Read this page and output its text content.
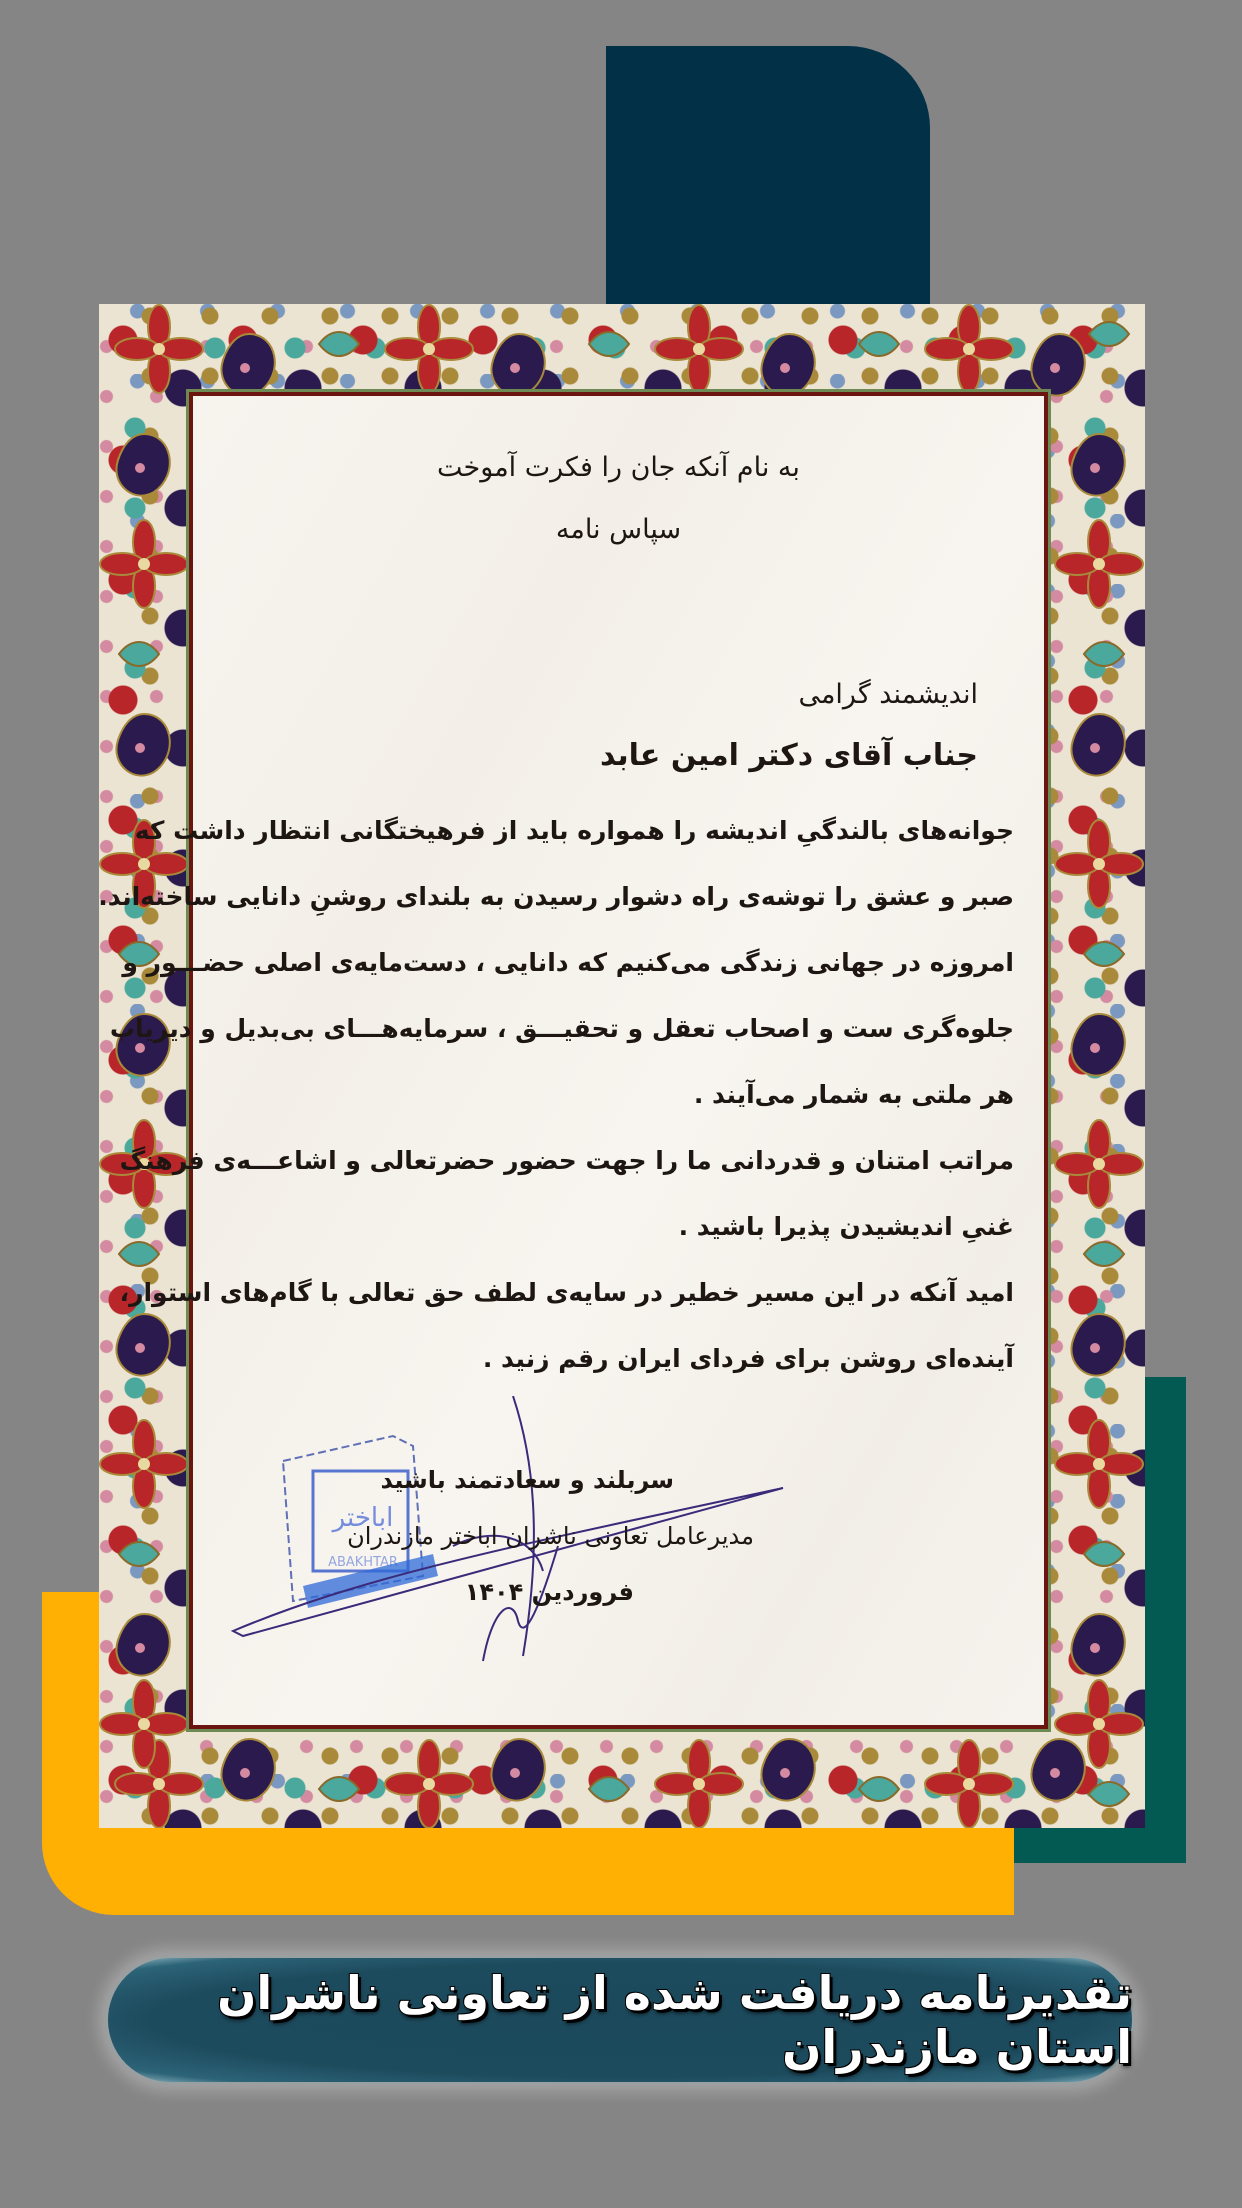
به نام آنکه جان را فکرت آموخت
سپاس نامه
اندیشمند گرامی
جناب آقای دکتر امین عابد
جوانه‌های بالندگیِ اندیشه را همواره باید از فرهیختگانی انتظار داشت که
صبر و عشق را توشه‌ی راه دشوار رسیدن به بلندای روشنِ دانایی ساخته‌اند.
امروزه در جهانی زندگی می‌کنیم که دانایی ، دست‌مایه‌ی اصلی حضـــور و
جلوه‌گری ست و اصحاب تعقل و تحقیـــق ، سرمایه‌هـــای بی‌بدیل و دیریاب
هر ملتی به شمار می‌آیند .
مراتب امتنان و قدردانی ما را جهت حضور حضرتعالی و اشاعـــه‌ی فرهنگ
غنیِ اندیشیدن پذیرا باشید .
امید آنکه در این مسیر خطیر در سایه‌ی لطف حق تعالی با گام‌های استوار،
آینده‌ای روشن برای فردای ایران رقم زنید .
اباختر
ABAKHTAR
سربلند و سعادتمند باشید
مدیرعامل تعاونی ناشران اباختر مازندران
فروردین ۱۴۰۴
تقدیرنامه دریافت شده از تعاونی ناشران استان مازندران
